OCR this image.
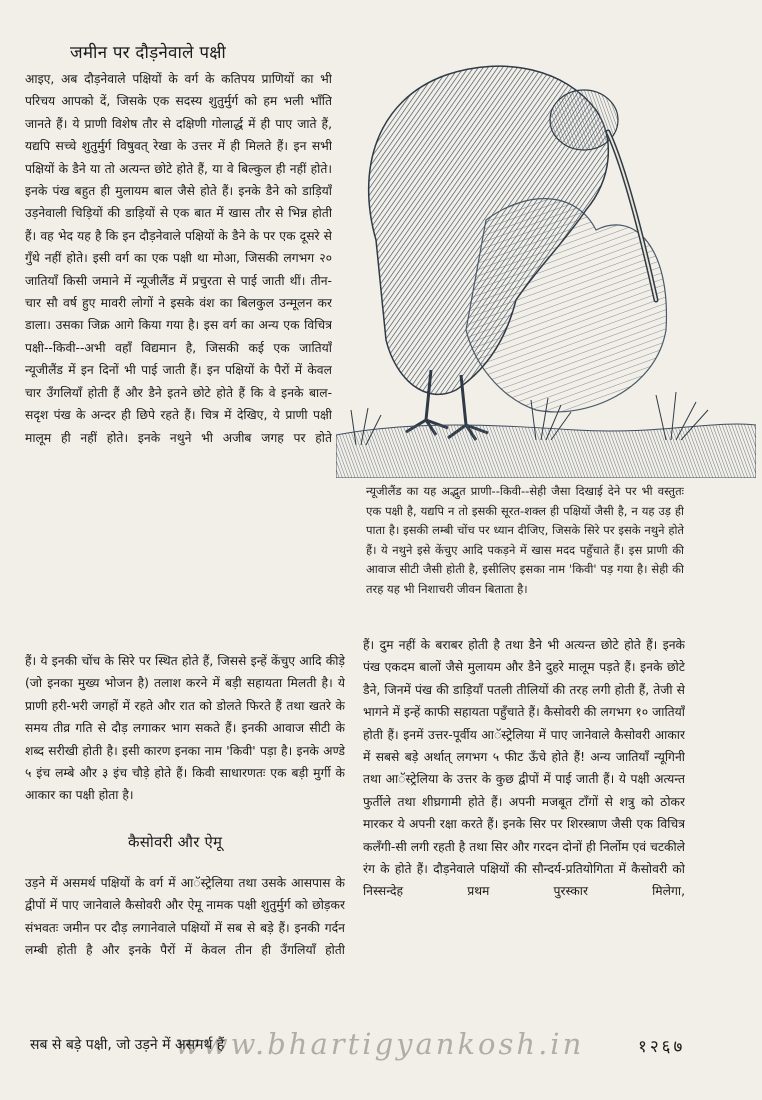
जमीन पर दौड़नेवाले पक्षी

आइए, अब दौड़नेवाले पक्षियों के वर्ग के कतिपय प्राणियों का भी परिचय आपको दें, जिसके एक सदस्य शुतुर्मुर्ग को हम भली भाँति जानते हैं। ये प्राणी विशेष तौर से दक्षिणी गोलार्द्ध में ही पाए जाते हैं, यद्यपि सच्चे शुतुर्मुर्ग विषुवत् रेखा के उत्तर में ही मिलते हैं। इन सभी पक्षियों के डैने या तो अत्यन्त छोटे होते हैं, या वे बिल्कुल ही नहीं होते। इनके पंख बहुत ही मुलायम बाल जैसे होते हैं। इनके डैने को डाड़ियाँ उड़नेवाली चिड़ियों की डाड़ियों से एक बात में खास तौर से भिन्न होती हैं। वह भेद यह है कि इन दौड़नेवाले पक्षियों के डैने के पर एक दूसरे से गुँथे नहीं होते। इसी वर्ग का एक पक्षी था मोआ, जिसकी लगभग २० जातियाँ किसी जमाने में न्यूजीलैंड में प्रचुरता से पाई जाती थीं। तीन-चार सौ वर्ष हुए मावरी लोगों ने इसके वंश का बिलकुल उन्मूलन कर डाला। उसका जिक्र आगे किया गया है। इस वर्ग का अन्य एक विचित्र पक्षी--किवी--अभी वहाँ विद्यमान है, जिसकी कई एक जातियाँ न्यूजीलैंड में इन दिनों भी पाई जाती हैं। इन पक्षियों के पैरों में केवल चार उँगलियाँ होती हैं और डैने इतने छोटे होते हैं कि वे इनके बाल-सदृश पंख के अन्दर ही छिपे रहते हैं। चित्र में देखिए, ये प्राणी पक्षी मालूम ही नहीं होते। इनके नथुने भी अजीब जगह पर होते

न्यूजीलैंड का यह अद्भुत प्राणी--किवी--सेही जैसा दिखाई देने पर भी वस्तुतः एक पक्षी है, यद्यपि न तो इसकी सूरत-शक्ल ही पक्षियों जैसी है, न यह उड़ ही पाता है। इसकी लम्बी चोंच पर ध्यान दीजिए, जिसके सिरे पर इसके नथुने होते हैं। ये नथुने इसे केंचुए आदि पकड़ने में खास मदद पहुँचाते हैं। इस प्राणी की आवाज सीटी जैसी होती है, इसीलिए इसका नाम 'किवी' पड़ गया है। सेही की तरह यह भी निशाचरी जीवन बिताता है।

हैं। ये इनकी चोंच के सिरे पर स्थित होते हैं, जिससे इन्हें केंचुए आदि कीड़े (जो इनका मुख्य भोजन है) तलाश करने में बड़ी सहायता मिलती है। ये प्राणी हरी-भरी जगहों में रहते और रात को डोलते फिरते हैं तथा खतरे के समय तीव्र गति से दौड़ लगाकर भाग सकते हैं। इनकी आवाज सीटी के शब्द सरीखी होती है। इसी कारण इनका नाम 'किवी' पड़ा है। इनके अण्डे ५ इंच लम्बे और ३ इंच चौड़े होते हैं। किवी साधारणतः एक बड़ी मुर्गी के आकार का पक्षी होता है।

कैसोवरी और ऐमू

उड़ने में असमर्थ पक्षियों के वर्ग में आॅस्ट्रेलिया तथा उसके आसपास के द्वीपों में पाए जानेवाले कैसोवरी और ऐमू नामक पक्षी शुतुर्मुर्ग को छोड़कर संभवतः जमीन पर दौड़ लगानेवाले पक्षियों में सब से बड़े हैं। इनकी गर्दन लम्बी होती है और इनके पैरों में केवल तीन ही उँगलियाँ होती

हैं। दुम नहीं के बराबर होती है तथा डैने भी अत्यन्त छोटे होते हैं। इनके पंख एकदम बालों जैसे मुलायम और डैने दुहरे मालूम पड़ते हैं। इनके छोटे डैने, जिनमें पंख की डाड़ियाँ पतली तीलियों की तरह लगी होती हैं, तेजी से भागने में इन्हें काफी सहायता पहुँचाते हैं। कैसोवरी की लगभग १० जातियाँ होती हैं। इनमें उत्तर-पूर्वीय आॅस्ट्रेलिया में पाए जानेवाले कैसोवरी आकार में सबसे बड़े अर्थात् लगभग ५ फीट ऊँचे होते हैं! अन्य जातियाँ न्यूगिनी तथा आॅस्ट्रेलिया के उत्तर के कुछ द्वीपों में पाई जाती हैं। ये पक्षी अत्यन्त फुर्तीले तथा शीघ्रगामी होते हैं। अपनी मजबूत टाँगों से शत्रु को ठोकर मारकर ये अपनी रक्षा करते हैं। इनके सिर पर शिरस्त्राण जैसी एक विचित्र कलँगी-सी लगी रहती है तथा सिर और गरदन दोनों ही निर्लोम एवं चटकीले रंग के होते हैं। दौड़नेवाले पक्षियों की सौन्दर्य-प्रतियोगिता में कैसोवरी को निस्सन्देह प्रथम पुरस्कार मिलेगा,

सब से बड़े पक्षी, जो उड़ने में असमर्थ हैं
www.bhartigyankosh.in	१२६७
